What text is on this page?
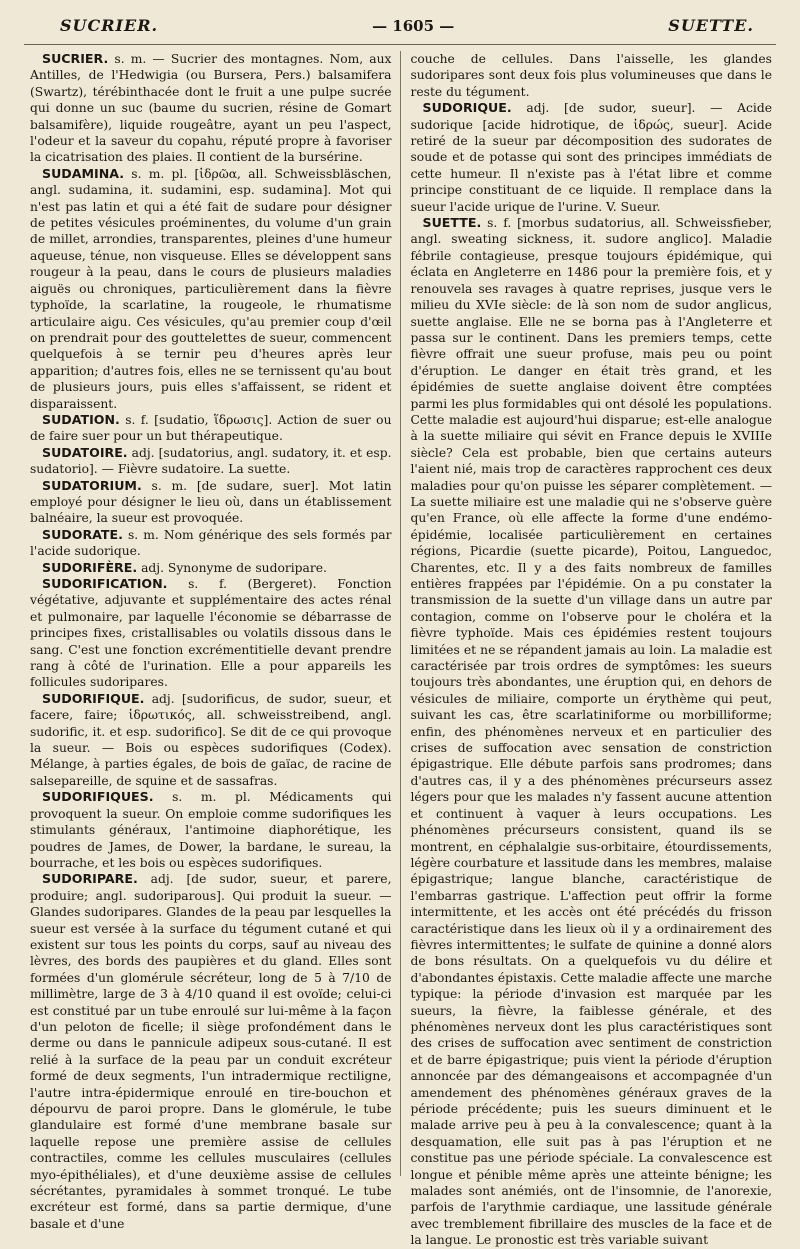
SUCRIER.	— 1605 —	SUETTE.

SUCRIER. s. m. — Sucrier des montagnes. Nom, aux Antilles, de l'Hedwigia (ou Bursera, Pers.) balsamifera (Swartz), térébinthacée dont le fruit a une pulpe sucrée qui donne un suc (baume du sucrien, résine de Gomart balsamifère), liquide rougeâtre, ayant un peu l'aspect, l'odeur et la saveur du copahu, réputé propre à favoriser la cicatrisation des plaies. Il contient de la bursérine.

SUDAMINA. s. m. pl. [ἱδρῶα, all. Schweissbläschen, angl. sudamina, it. sudamini, esp. sudamina]. Mot qui n'est pas latin et qui a été fait de sudare pour désigner de petites vésicules proéminentes, du volume d'un grain de millet, arrondies, transparentes, pleines d'une humeur aqueuse, ténue, non visqueuse. Elles se développent sans rougeur à la peau, dans le cours de plusieurs maladies aiguës ou chroniques, particulièrement dans la fièvre typhoïde, la scarlatine, la rougeole, le rhumatisme articulaire aigu. Ces vésicules, qu'au premier coup d'œil on prendrait pour des gouttelettes de sueur, commencent quelquefois à se ternir peu d'heures après leur apparition; d'autres fois, elles ne se ternissent qu'au bout de plusieurs jours, puis elles s'affaissent, se rident et disparaissent.

SUDATION. s. f. [sudatio, ἵδρωσις]. Action de suer ou de faire suer pour un but thérapeutique.

SUDATOIRE. adj. [sudatorius, angl. sudatory, it. et esp. sudatorio]. — Fièvre sudatoire. La suette.

SUDATORIUM. s. m. [de sudare, suer]. Mot latin employé pour désigner le lieu où, dans un établissement balnéaire, la sueur est provoquée.

SUDORATE. s. m. Nom générique des sels formés par l'acide sudorique.

SUDORIFÈRE. adj. Synonyme de sudoripare.

SUDORIFICATION. s. f. (Bergeret). Fonction végétative, adjuvante et supplémentaire des actes rénal et pulmonaire, par laquelle l'économie se débarrasse de principes fixes, cristallisables ou volatils dissous dans le sang. C'est une fonction excrémentitielle devant prendre rang à côté de l'urination. Elle a pour appareils les follicules sudoripares.

SUDORIFIQUE. adj. [sudorificus, de sudor, sueur, et facere, faire; ἱδρωτικός, all. schweisstreibend, angl. sudorific, it. et esp. sudorifico]. Se dit de ce qui provoque la sueur. — Bois ou espèces sudorifiques (Codex). Mélange, à parties égales, de bois de gaïac, de racine de salsepareille, de squine et de sassafras.

SUDORIFIQUES. s. m. pl. Médicaments qui provoquent la sueur. On emploie comme sudorifiques les stimulants généraux, l'antimoine diaphorétique, les poudres de James, de Dower, la bardane, le sureau, la bourrache, et les bois ou espèces sudorifiques.

SUDORIPARE. adj. [de sudor, sueur, et parere, produire; angl. sudoriparous]. Qui produit la sueur. — Glandes sudoripares. Glandes de la peau par lesquelles la sueur est versée à la surface du tégument cutané et qui existent sur tous les points du corps, sauf au niveau des lèvres, des bords des paupières et du gland. Elles sont formées d'un glomérule sécréteur, long de 5 à 7/10 de millimètre, large de 3 à 4/10 quand il est ovoïde; celui-ci est constitué par un tube enroulé sur lui-même à la façon d'un peloton de ficelle; il siège profondément dans le derme ou dans le pannicule adipeux sous-cutané. Il est relié à la surface de la peau par un conduit excréteur formé de deux segments, l'un intradermique rectiligne, l'autre intra-épidermique enroulé en tire-bouchon et dépourvu de paroi propre. Dans le glomérule, le tube glandulaire est formé d'une membrane basale sur laquelle repose une première assise de cellules contractiles, comme les cellules musculaires (cellules myo-épithéliales), et d'une deuxième assise de cellules sécrétantes, pyramidales à sommet tronqué. Le tube excréteur est formé, dans sa partie dermique, d'une basale et d'une

couche de cellules. Dans l'aisselle, les glandes sudoripares sont deux fois plus volumineuses que dans le reste du tégument.

SUDORIQUE. adj. [de sudor, sueur]. — Acide sudorique [acide hidrotique, de ἱδρώς, sueur]. Acide retiré de la sueur par décomposition des sudorates de soude et de potasse qui sont des principes immédiats de cette humeur. Il n'existe pas à l'état libre et comme principe constituant de ce liquide. Il remplace dans la sueur l'acide urique de l'urine. V. Sueur.

SUETTE. s. f. [morbus sudatorius, all. Schweissfieber, angl. sweating sickness, it. sudore anglico]. Maladie fébrile contagieuse, presque toujours épidémique, qui éclata en Angleterre en 1486 pour la première fois, et y renouvela ses ravages à quatre reprises, jusque vers le milieu du XVIe siècle: de là son nom de sudor anglicus, suette anglaise. Elle ne se borna pas à l'Angleterre et passa sur le continent. Dans les premiers temps, cette fièvre offrait une sueur profuse, mais peu ou point d'éruption. Le danger en était très grand, et les épidémies de suette anglaise doivent être comptées parmi les plus formidables qui ont désolé les populations. Cette maladie est aujourd'hui disparue; est-elle analogue à la suette miliaire qui sévit en France depuis le XVIIIe siècle? Cela est probable, bien que certains auteurs l'aient nié, mais trop de caractères rapprochent ces deux maladies pour qu'on puisse les séparer complètement. — La suette miliaire est une maladie qui ne s'observe guère qu'en France, où elle affecte la forme d'une endémo-épidémie, localisée particulièrement en certaines régions, Picardie (suette picarde), Poitou, Languedoc, Charentes, etc. Il y a des faits nombreux de familles entières frappées par l'épidémie. On a pu constater la transmission de la suette d'un village dans un autre par contagion, comme on l'observe pour le choléra et la fièvre typhoïde. Mais ces épidémies restent toujours limitées et ne se répandent jamais au loin. La maladie est caractérisée par trois ordres de symptômes: les sueurs toujours très abondantes, une éruption qui, en dehors de vésicules de miliaire, comporte un érythème qui peut, suivant les cas, être scarlatiniforme ou morbilliforme; enfin, des phénomènes nerveux et en particulier des crises de suffocation avec sensation de constriction épigastrique. Elle débute parfois sans prodromes; dans d'autres cas, il y a des phénomènes précurseurs assez légers pour que les malades n'y fassent aucune attention et continuent à vaquer à leurs occupations. Les phénomènes précurseurs consistent, quand ils se montrent, en céphalalgie sus-orbitaire, étourdissements, légère courbature et lassitude dans les membres, malaise épigastrique; langue blanche, caractéristique de l'embarras gastrique. L'affection peut offrir la forme intermittente, et les accès ont été précédés du frisson caractéristique dans les lieux où il y a ordinairement des fièvres intermittentes; le sulfate de quinine a donné alors de bons résultats. On a quelquefois vu du délire et d'abondantes épistaxis. Cette maladie affecte une marche typique: la période d'invasion est marquée par les sueurs, la fièvre, la faiblesse générale, et des phénomènes nerveux dont les plus caractéristiques sont des crises de suffocation avec sentiment de constriction et de barre épigastrique; puis vient la période d'éruption annoncée par des démangeaisons et accompagnée d'un amendement des phénomènes généraux graves de la période précédente; puis les sueurs diminuent et le malade arrive peu à peu à la convalescence; quant à la desquamation, elle suit pas à pas l'éruption et ne constitue pas une période spéciale. La convalescence est longue et pénible même après une atteinte bénigne; les malades sont anémiés, ont de l'insomnie, de l'anorexie, parfois de l'arythmie cardiaque, une lassitude générale avec tremblement fibrillaire des muscles de la face et de la langue. Le pronostic est très variable suivant
